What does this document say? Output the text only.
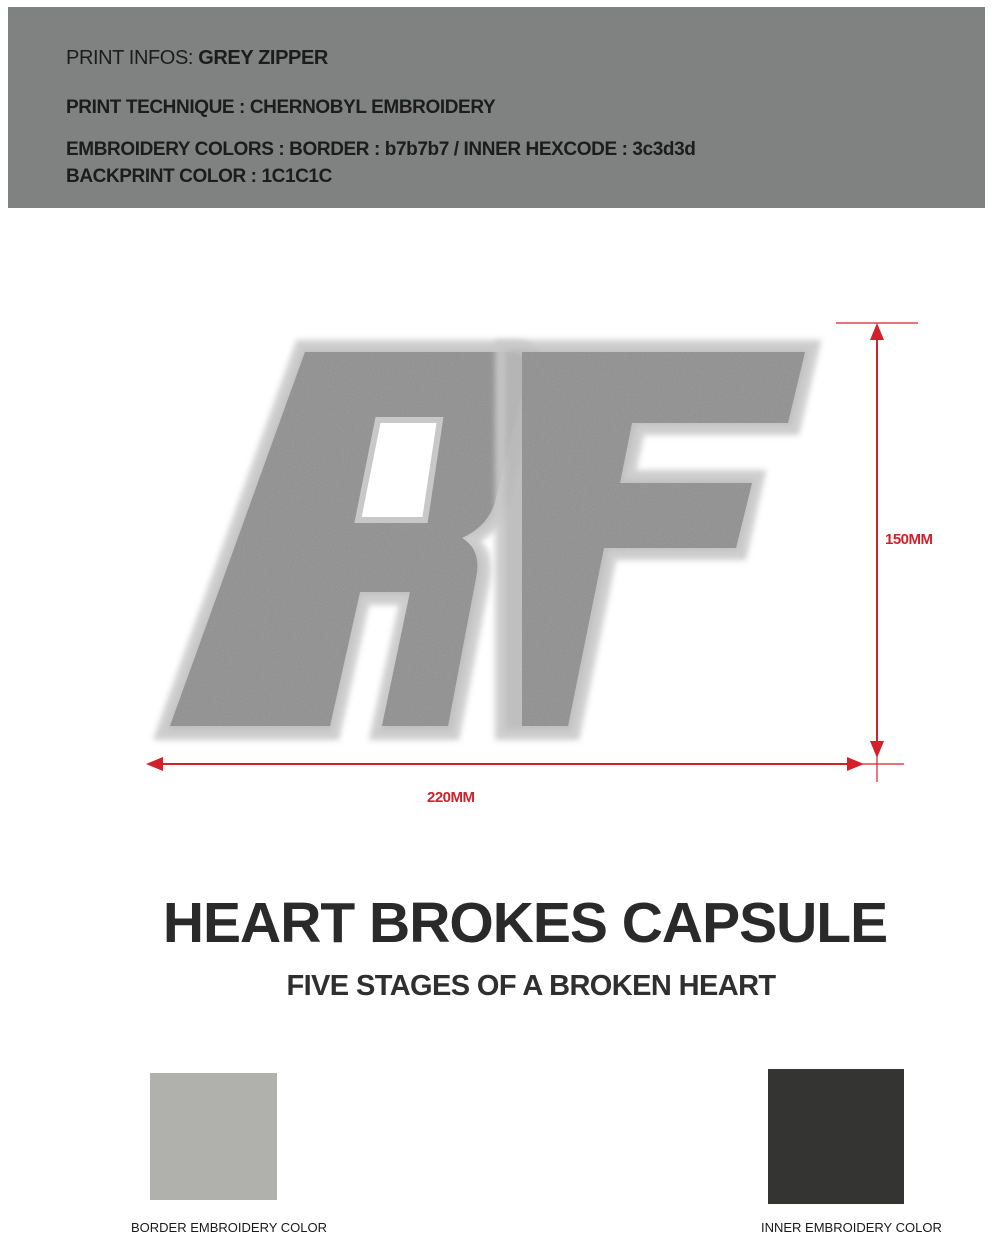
PRINT INFOS: GREY ZIPPER
PRINT TECHNIQUE : CHERNOBYL EMBROIDERY
EMBROIDERY COLORS : BORDER : b7b7b7 / INNER HEXCODE : 3c3d3d
BACKPRINT COLOR : 1C1C1C
150MM
220MM
HEART BROKES CAPSULE
FIVE STAGES OF A BROKEN HEART
BORDER EMBROIDERY COLOR	INNER EMBROIDERY COLOR
